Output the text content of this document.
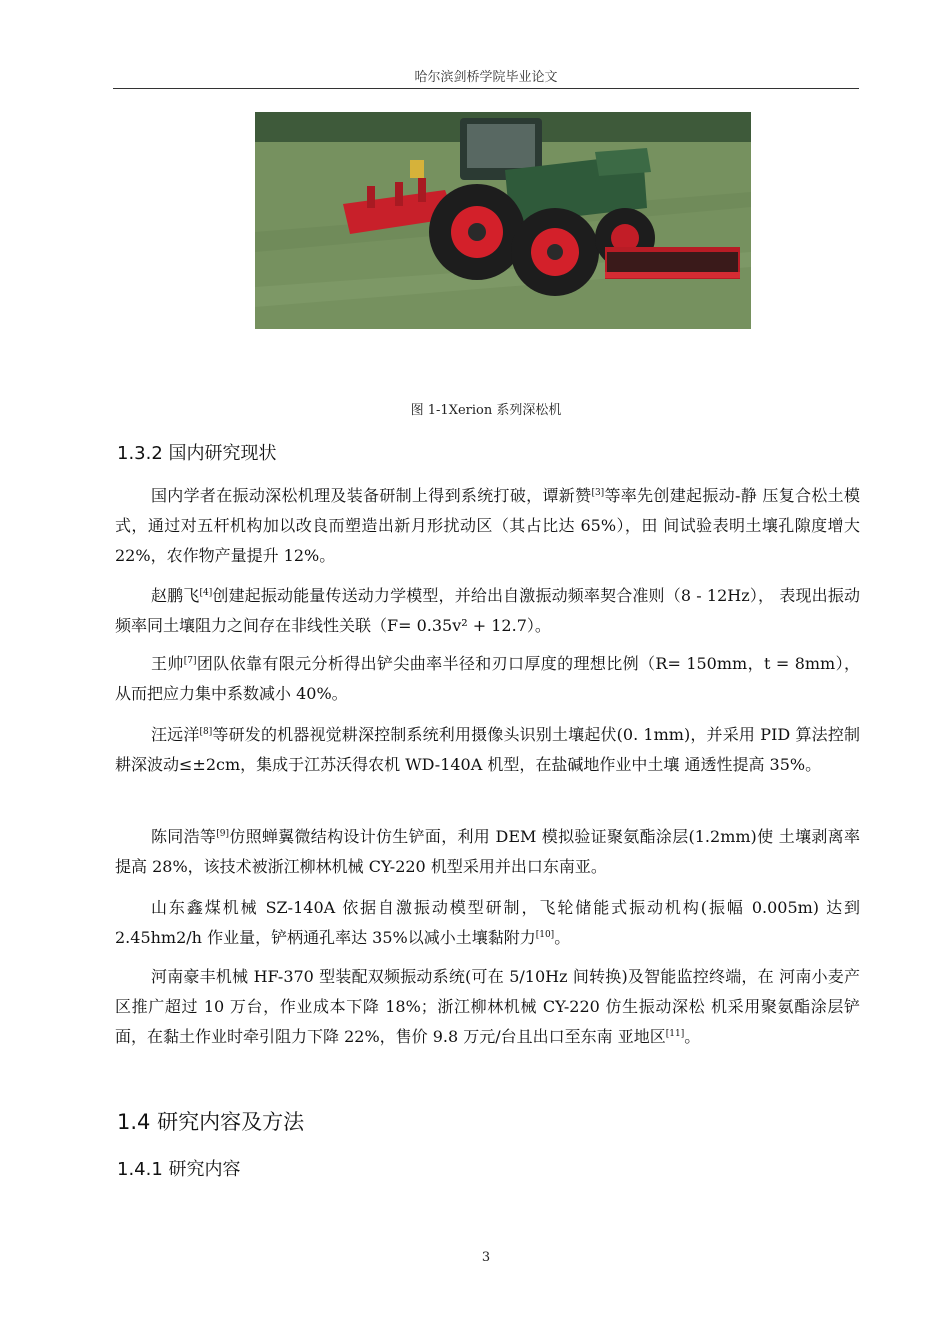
哈尔滨剑桥学院毕业论文
图 1-1Xerion 系列深松机
1.3.2 国内研究现状

国内学者在振动深松机理及装备研制上得到系统打破，谭新赞[3]等率先创建起振动-静 压复合松土模式，通过对五杆机构加以改良而塑造出新月形扰动区（其占比达 65%），田 间试验表明土壤孔隙度增大 22%，农作物产量提升 12%。

赵鹏飞[4]创建起振动能量传送动力学模型，并给出自激振动频率契合准则（8 - 12Hz）， 表现出振动频率同土壤阻力之间存在非线性关联（F= 0.35v² + 12.7）。

王帅[7]团队依靠有限元分析得出铲尖曲率半径和刃口厚度的理想比例（R= 150mm，t = 8mm），从而把应力集中系数减小 40%。

汪远洋[8]等研发的机器视觉耕深控制系统利用摄像头识别土壤起伏(0. 1mm)，并采用 PID 算法控制耕深波动≤±2cm，集成于江苏沃得农机 WD-140A 机型，在盐碱地作业中土壤 通透性提高 35%。

陈同浩等[9]仿照蝉翼微结构设计仿生铲面，利用 DEM 模拟验证聚氨酯涂层(1.2mm)使 土壤剥离率提高 28%，该技术被浙江柳林机械 CY-220 机型采用并出口东南亚。

山东鑫煤机械 SZ-140A 依据自激振动模型研制，飞轮储能式振动机构(振幅 0.005m) 达到 2.45hm2/h 作业量，铲柄通孔率达 35%以减小土壤黏附力[10]。

河南豪丰机械 HF-370 型装配双频振动系统(可在 5/10Hz 间转换)及智能监控终端，在 河南小麦产区推广超过 10 万台，作业成本下降 18%；浙江柳林机械 CY-220 仿生振动深松 机采用聚氨酯涂层铲面，在黏土作业时牵引阻力下降 22%，售价 9.8 万元/台且出口至东南 亚地区[11]。

1.4 研究内容及方法
1.4.1 研究内容
3
